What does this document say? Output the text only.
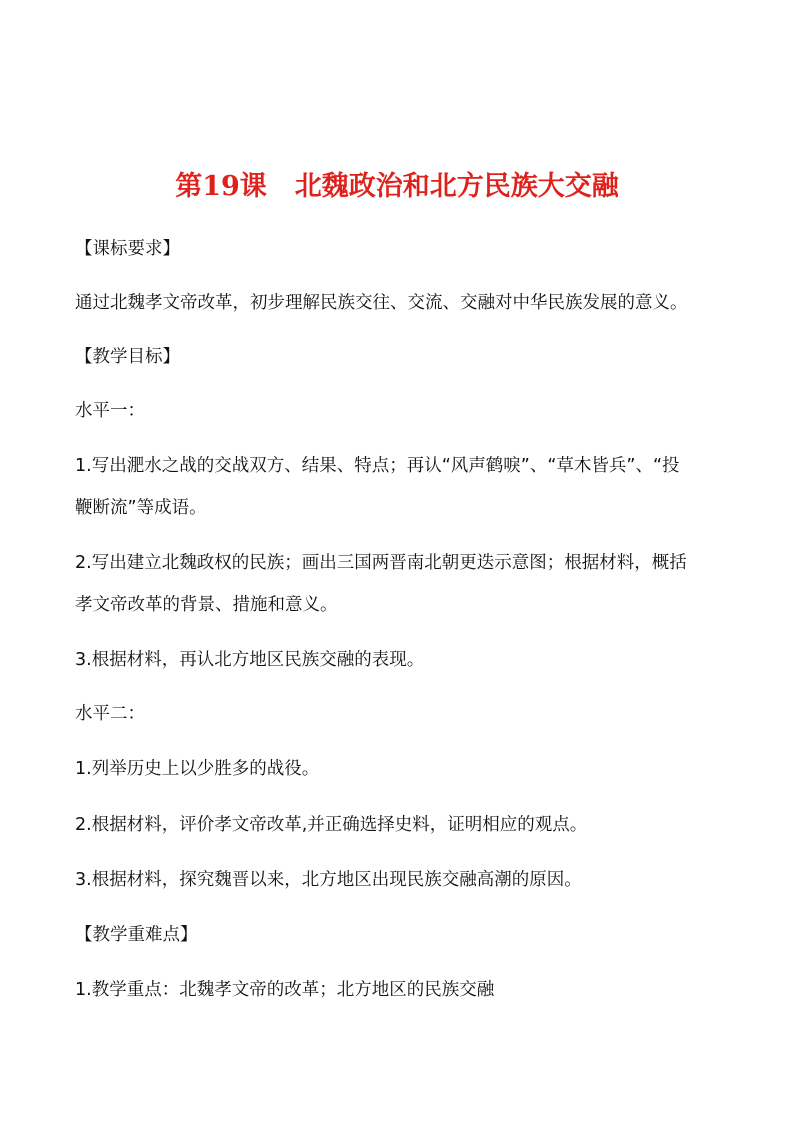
第19课 北魏政治和北方民族大交融
【课标要求】
通过北魏孝文帝改革，初步理解民族交往、交流、交融对中华民族发展的意义。
【教学目标】
水平一：
1.写出淝水之战的交战双方、结果、特点；再认“风声鹤唳”、“草木皆兵”、“投
鞭断流”等成语。
2.写出建立北魏政权的民族；画出三国两晋南北朝更迭示意图；根据材料，概括
孝文帝改革的背景、措施和意义。
3.根据材料，再认北方地区民族交融的表现。
水平二：
1.列举历史上以少胜多的战役。
2.根据材料，评价孝文帝改革,并正确选择史料，证明相应的观点。
3.根据材料，探究魏晋以来，北方地区出现民族交融高潮的原因。
【教学重难点】
1.教学重点：北魏孝文帝的改革；北方地区的民族交融
